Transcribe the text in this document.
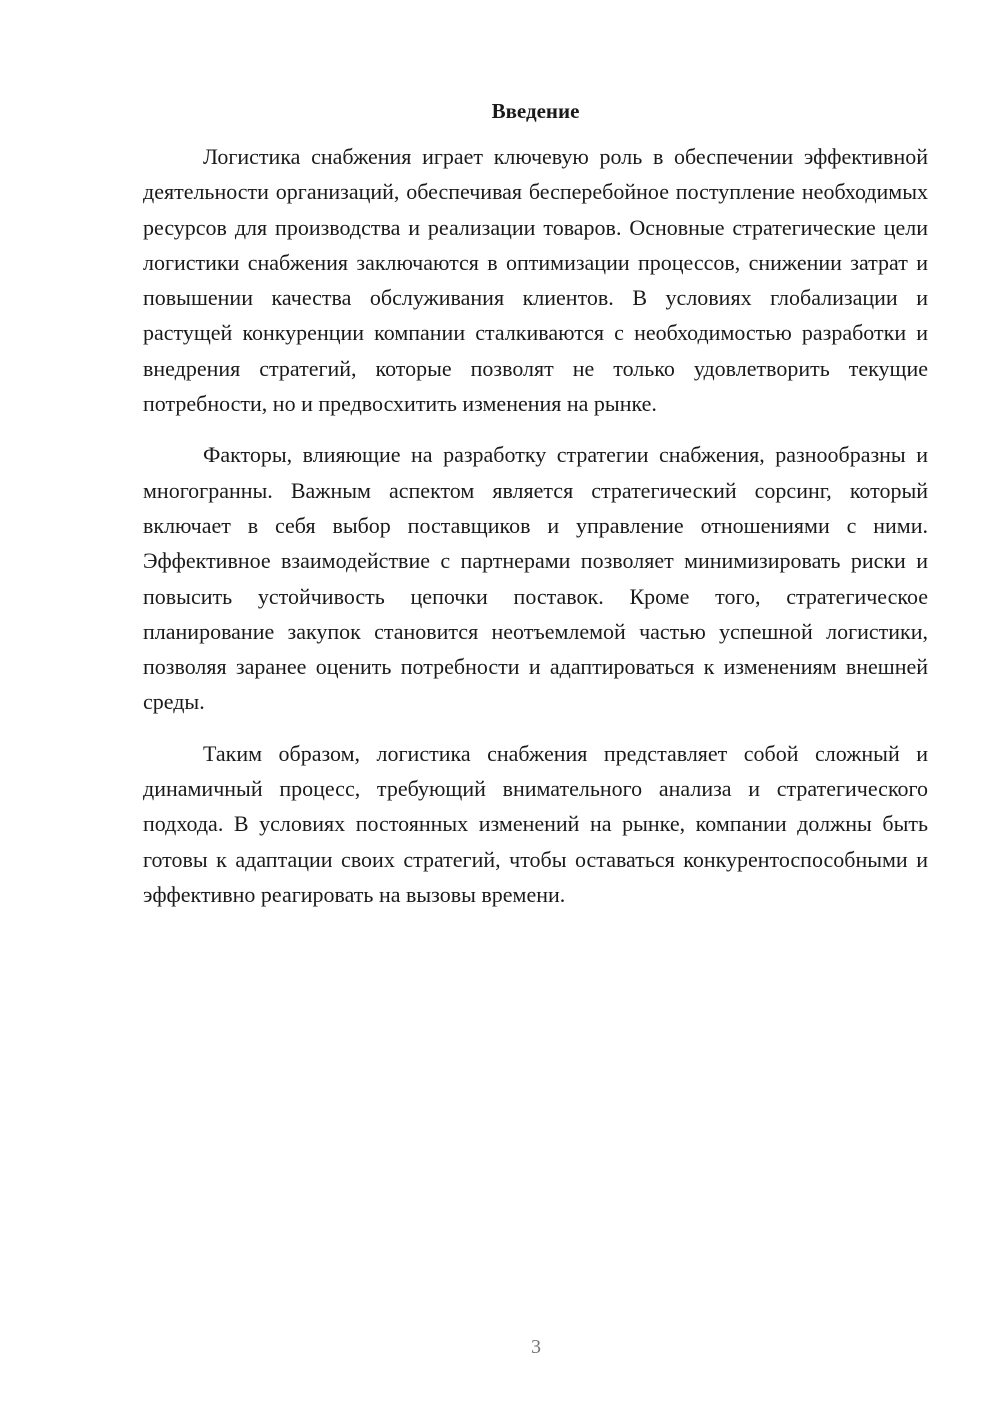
Введение

Логистика снабжения играет ключевую роль в обеспечении эффективной деятельности организаций, обеспечивая бесперебойное поступление необходимых ресурсов для производства и реализации товаров. Основные стратегические цели логистики снабжения заключаются в оптимизации процессов, снижении затрат и повышении качества обслуживания клиентов. В условиях глобализации и растущей конкуренции компании сталкиваются с необходимостью разработки и внедрения стратегий, которые позволят не только удовлетворить текущие потребности, но и предвосхитить изменения на рынке.

Факторы, влияющие на разработку стратегии снабжения, разнообразны и многогранны. Важным аспектом является стратегический сорсинг, который включает в себя выбор поставщиков и управление отношениями с ними. Эффективное взаимодействие с партнерами позволяет минимизировать риски и повысить устойчивость цепочки поставок. Кроме того, стратегическое планирование закупок становится неотъемлемой частью успешной логистики, позволяя заранее оценить потребности и адаптироваться к изменениям внешней среды.

Таким образом, логистика снабжения представляет собой сложный и динамичный процесс, требующий внимательного анализа и стратегического подхода. В условиях постоянных изменений на рынке, компании должны быть готовы к адаптации своих стратегий, чтобы оставаться конкурентоспособными и эффективно реагировать на вызовы времени.

3
